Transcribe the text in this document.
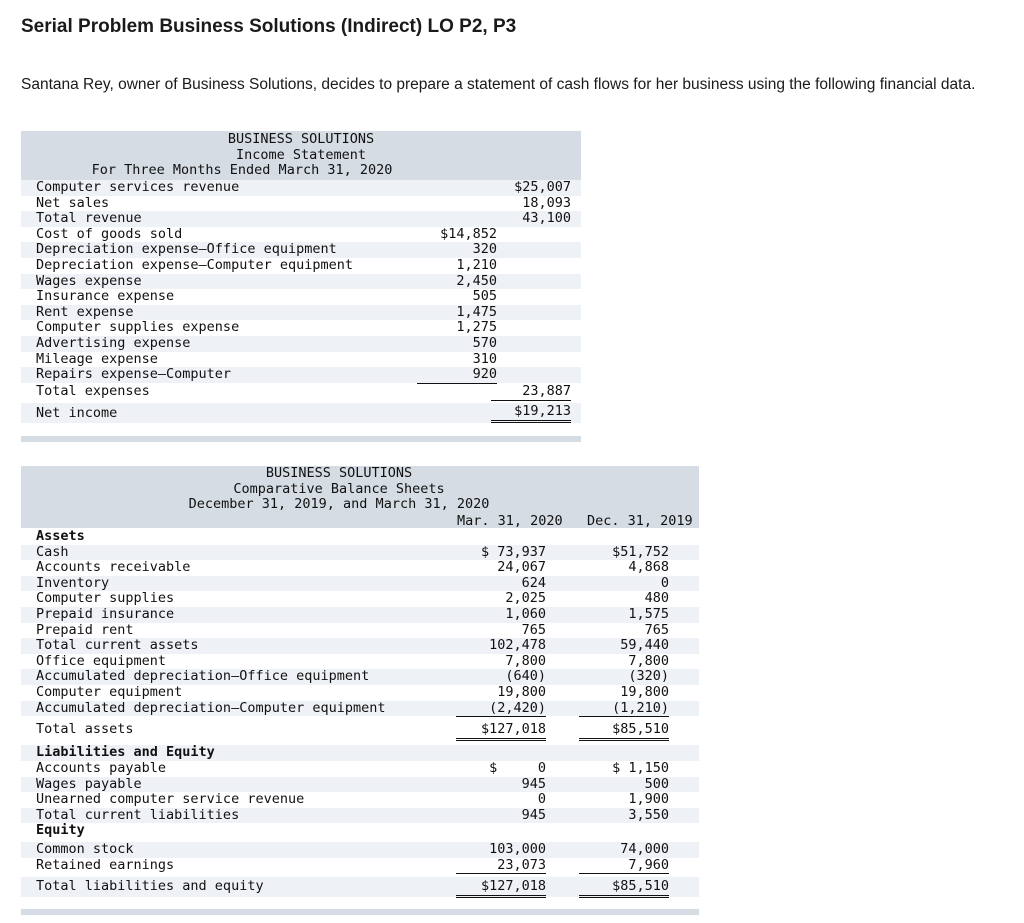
Serial Problem Business Solutions (Indirect) LO P2, P3
Santana Rey, owner of Business Solutions, decides to prepare a statement of cash flows for her business using the following financial data.
BUSINESS SOLUTIONS
Income Statement
For Three Months Ended March 31, 2020
Computer services revenue	$25,007
Net sales	18,093
Total revenue	43,100
Cost of goods sold	$14,852
Depreciation expense—Office equipment	320
Depreciation expense—Computer equipment	1,210
Wages expense	2,450
Insurance expense	505
Rent expense	1,475
Computer supplies expense	1,275
Advertising expense	570
Mileage expense	310
Repairs expense—Computer	920
Total expenses	23,887
Net income	$19,213
BUSINESS SOLUTIONS
Comparative Balance Sheets
December 31, 2019, and March 31, 2020
Mar. 31, 2020 Dec. 31, 2019
Assets
Cash	$ 73,937	$51,752
Accounts receivable	24,067	4,868
Inventory	624	0
Computer supplies	2,025	480
Prepaid insurance	1,060	1,575
Prepaid rent	765	765
Total current assets	102,478	59,440
Office equipment	7,800	7,800
Accumulated depreciation—Office equipment	(640)	(320)
Computer equipment	19,800	19,800
Accumulated depreciation—Computer equipment	(2,420)	(1,210)
Total assets	$127,018	$85,510
Liabilities and Equity
Accounts payable	$     0	$ 1,150
Wages payable	945	500
Unearned computer service revenue	0	1,900
Total current liabilities	945	3,550
Equity
Common stock	103,000	74,000
Retained earnings	23,073	7,960
Total liabilities and equity	$127,018	$85,510
